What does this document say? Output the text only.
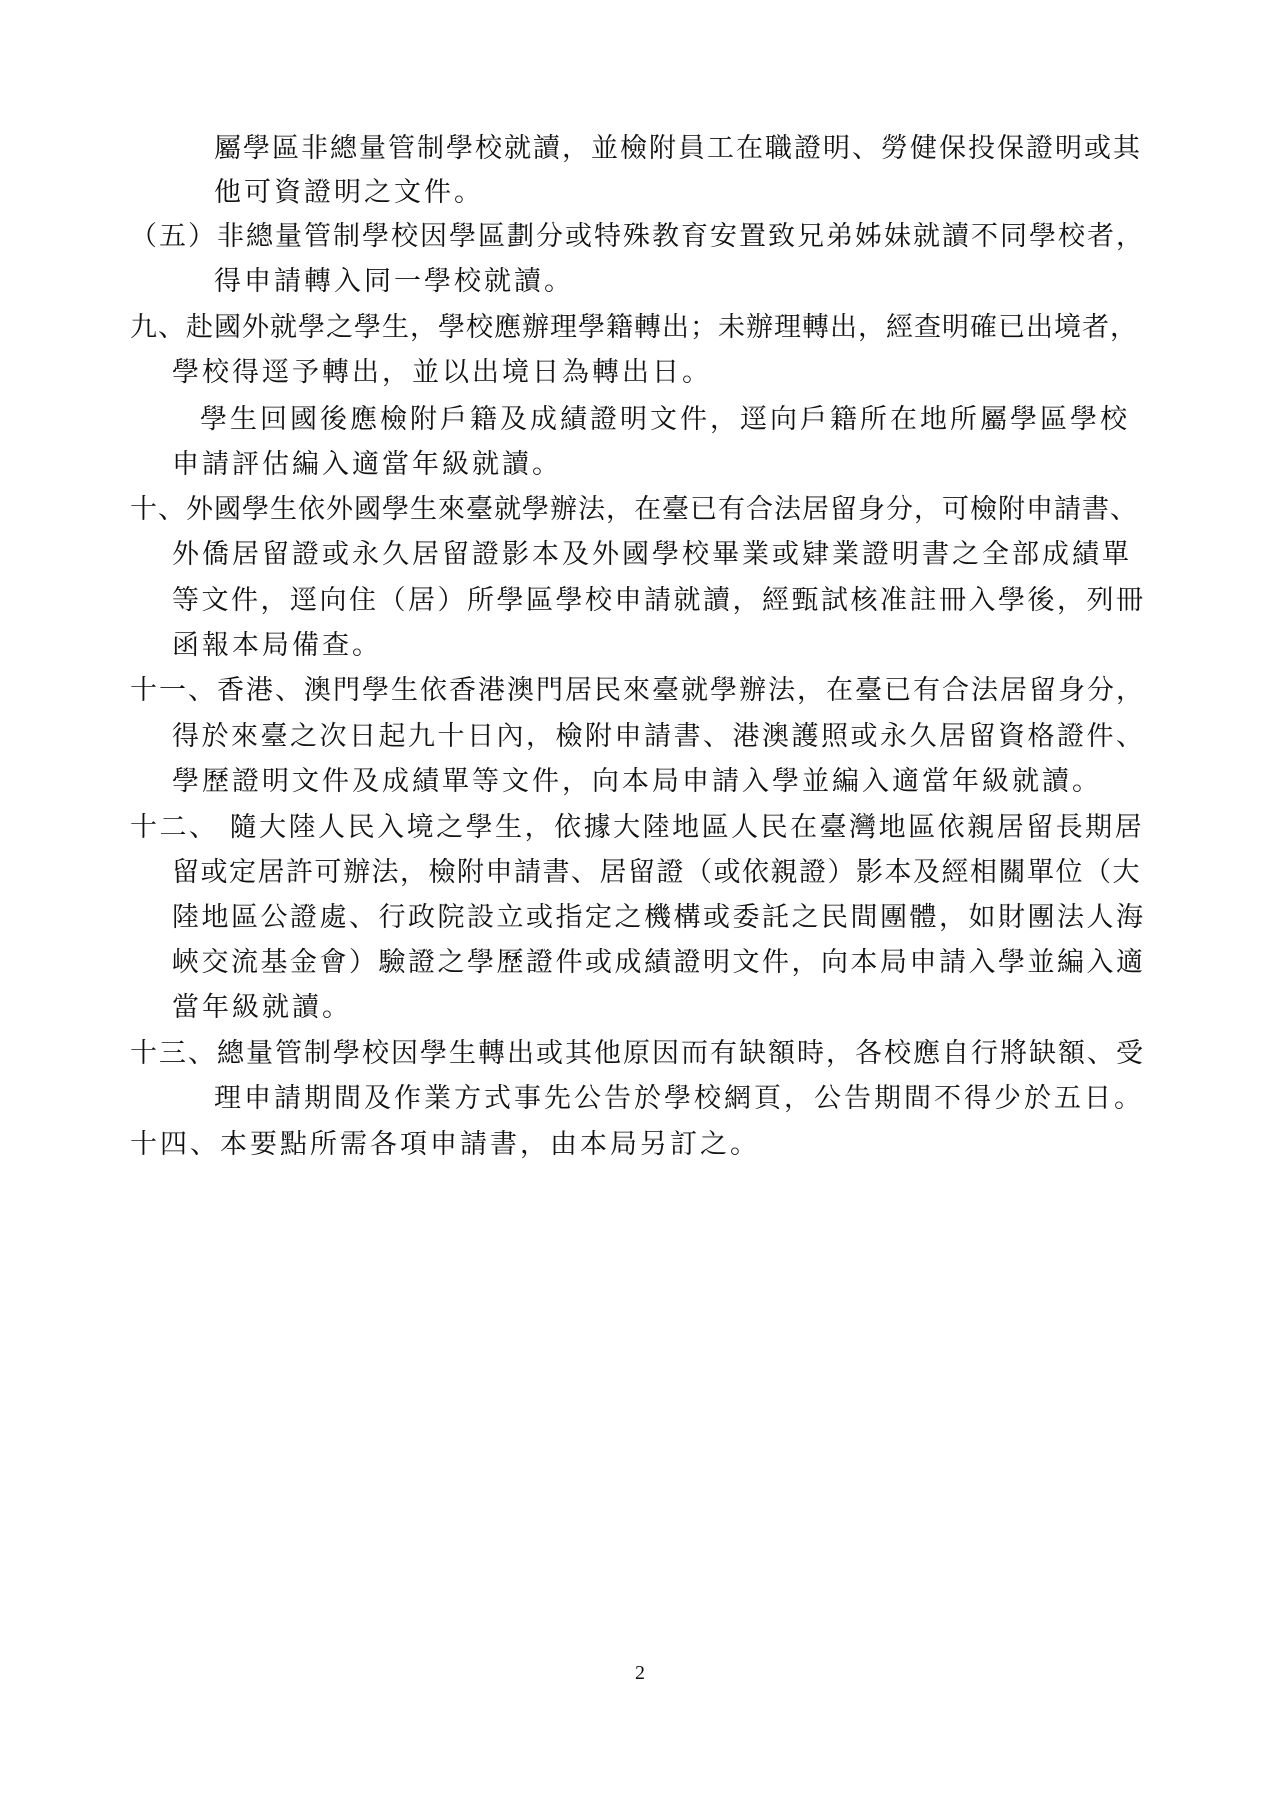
屬學區非總量管制學校就讀，並檢附員工在職證明、勞健保投保證明或其
他可資證明之文件。
（五）非總量管制學校因學區劃分或特殊教育安置致兄弟姊妹就讀不同學校者，
得申請轉入同一學校就讀。
九、赴國外就學之學生，學校應辦理學籍轉出；未辦理轉出，經查明確已出境者，
學校得逕予轉出，並以出境日為轉出日。
學生回國後應檢附戶籍及成績證明文件，逕向戶籍所在地所屬學區學校
申請評估編入適當年級就讀。
十、外國學生依外國學生來臺就學辦法，在臺已有合法居留身分，可檢附申請書、
外僑居留證或永久居留證影本及外國學校畢業或肄業證明書之全部成績單
等文件，逕向住（居）所學區學校申請就讀，經甄試核准註冊入學後，列冊
函報本局備查。
十一、香港、澳門學生依香港澳門居民來臺就學辦法，在臺已有合法居留身分，
得於來臺之次日起九十日內，檢附申請書、港澳護照或永久居留資格證件、
學歷證明文件及成績單等文件，向本局申請入學並編入適當年級就讀。
十二、 隨大陸人民入境之學生，依據大陸地區人民在臺灣地區依親居留長期居
留或定居許可辦法，檢附申請書、居留證（或依親證）影本及經相關單位（大
陸地區公證處、行政院設立或指定之機構或委託之民間團體，如財團法人海
峽交流基金會）驗證之學歷證件或成績證明文件，向本局申請入學並編入適
當年級就讀。
十三、總量管制學校因學生轉出或其他原因而有缺額時，各校應自行將缺額、受
理申請期間及作業方式事先公告於學校網頁，公告期間不得少於五日。
十四、本要點所需各項申請書，由本局另訂之。
2
